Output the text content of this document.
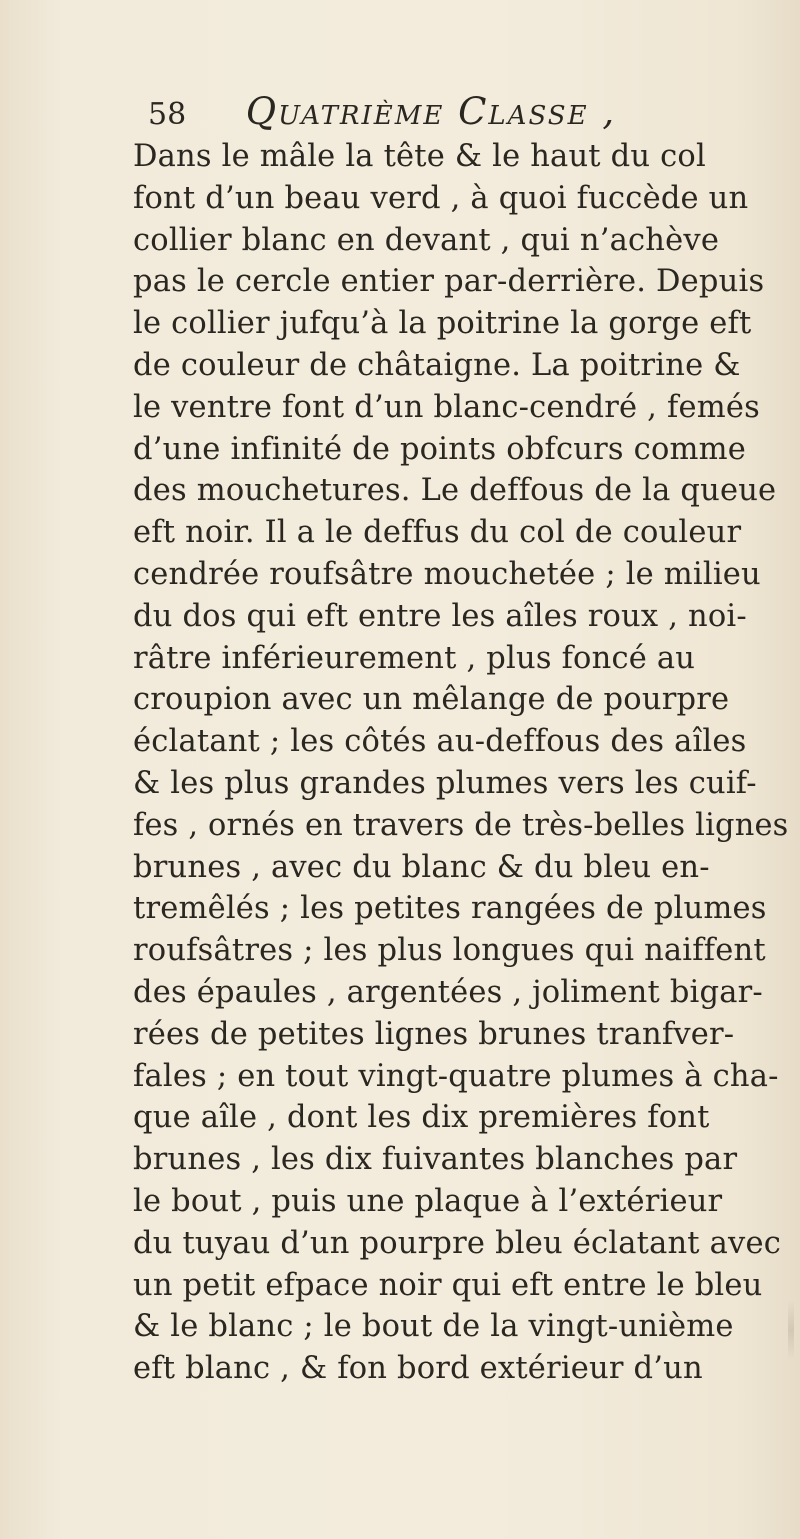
58 Quatrième Classe ,
Dans le mâle la tête & le haut du col
font d’un beau verd , à quoi fuccède un
collier blanc en devant , qui n’achève
pas le cercle entier par-derrière. Depuis
le collier jufqu’à la poitrine la gorge eft
de couleur de châtaigne. La poitrine &
le ventre font d’un blanc-cendré , femés
d’une infinité de points obfcurs comme
des mouchetures. Le deffous de la queue
eft noir. Il a le deffus du col de couleur
cendrée roufsâtre mouchetée ; le milieu
du dos qui eft entre les aîles roux , noi-
râtre inférieurement , plus foncé au
croupion avec un mêlange de pourpre
éclatant ; les côtés au-deffous des aîles
& les plus grandes plumes vers les cuif-
fes , ornés en travers de très-belles lignes
brunes , avec du blanc & du bleu en-
tremêlés ; les petites rangées de plumes
roufsâtres ; les plus longues qui naiffent
des épaules , argentées , joliment bigar-
rées de petites lignes brunes tranfver-
fales ; en tout vingt-quatre plumes à cha-
que aîle , dont les dix premières font
brunes , les dix fuivantes blanches par
le bout , puis une plaque à l’extérieur
du tuyau d’un pourpre bleu éclatant avec
un petit efpace noir qui eft entre le bleu
& le blanc ; le bout de la vingt-unième
eft blanc , & fon bord extérieur d’un
